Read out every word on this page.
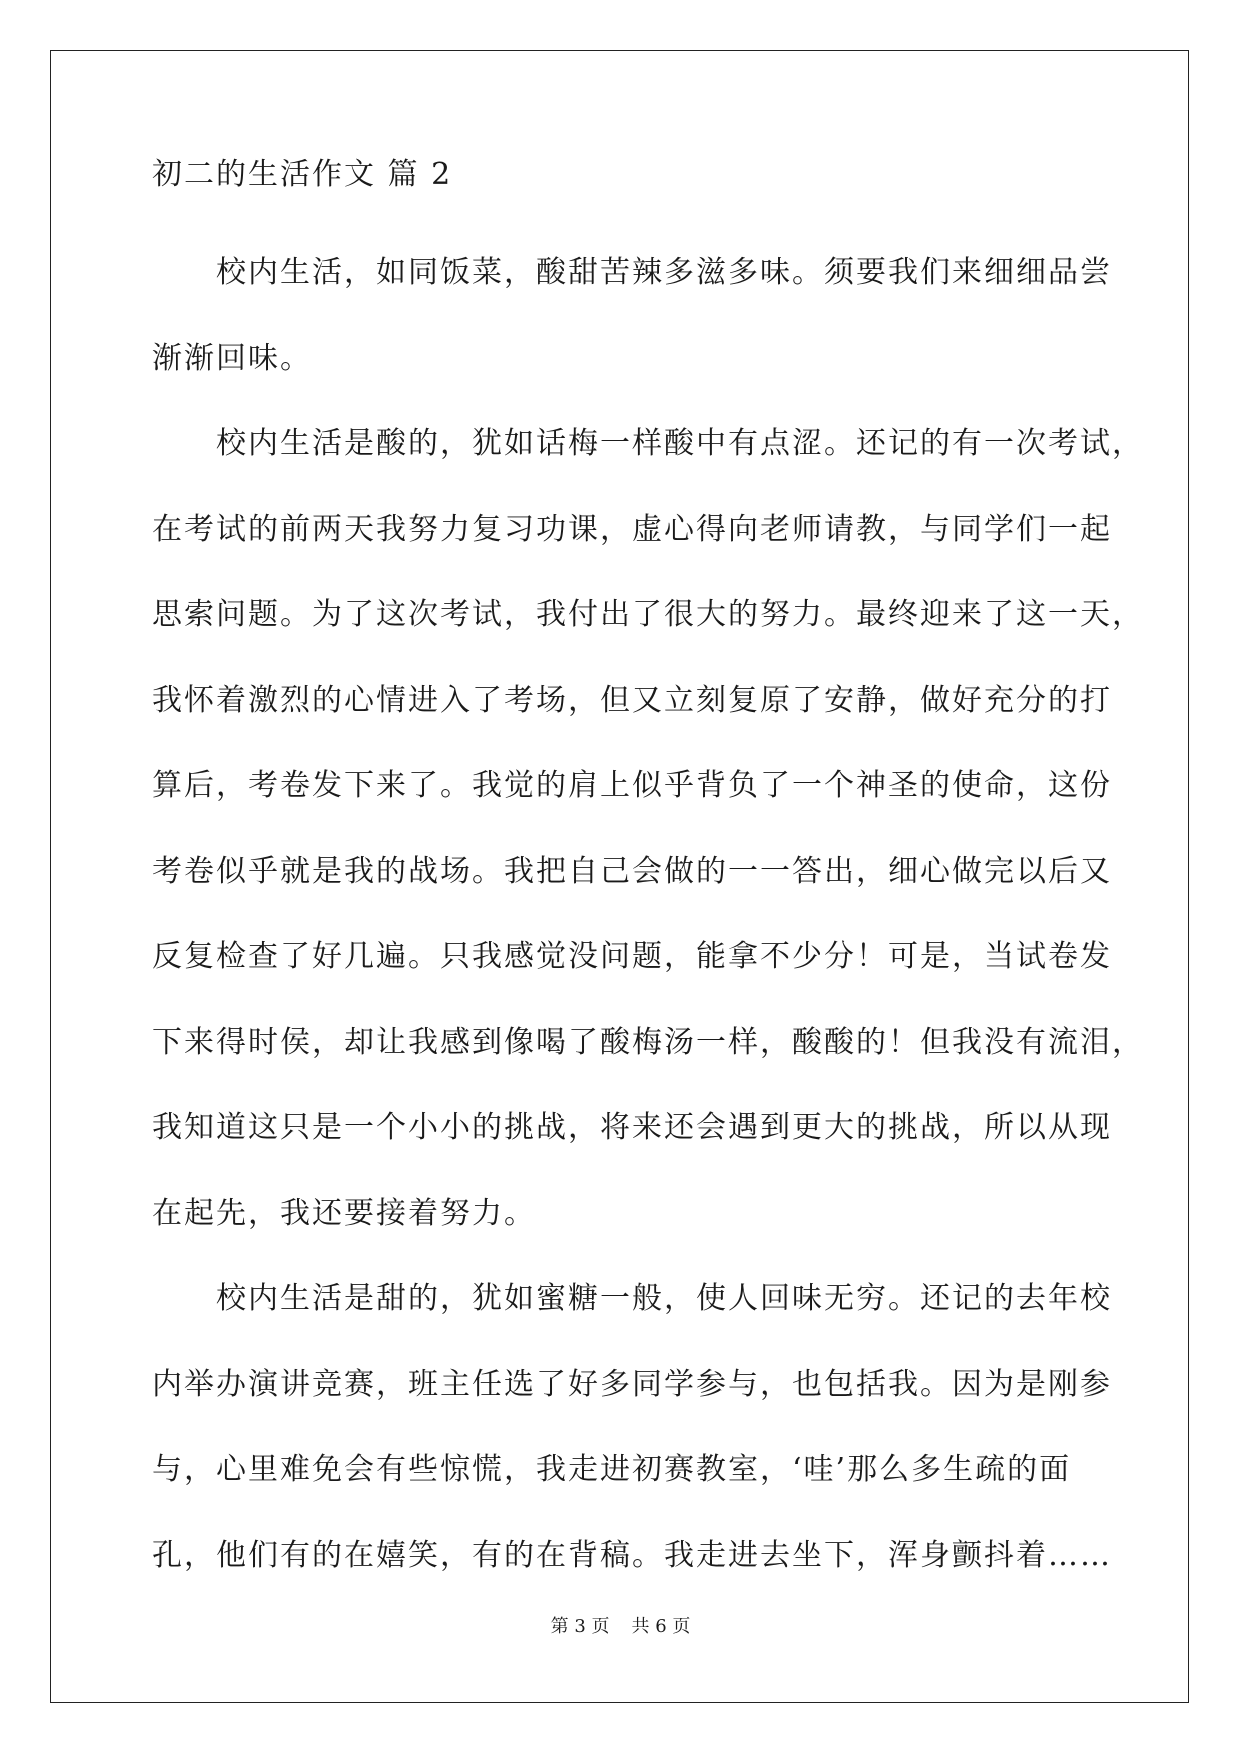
初二的生活作文 篇 2
校内生活，如同饭菜，酸甜苦辣多滋多味。须要我们来细细品尝
渐渐回味。
校内生活是酸的，犹如话梅一样酸中有点涩。还记的有一次考试，
在考试的前两天我努力复习功课，虚心得向老师请教，与同学们一起
思索问题。为了这次考试，我付出了很大的努力。最终迎来了这一天，
我怀着激烈的心情进入了考场，但又立刻复原了安静，做好充分的打
算后，考卷发下来了。我觉的肩上似乎背负了一个神圣的使命，这份
考卷似乎就是我的战场。我把自己会做的一一答出，细心做完以后又
反复检查了好几遍。只我感觉没问题，能拿不少分！可是，当试卷发
下来得时侯，却让我感到像喝了酸梅汤一样，酸酸的！但我没有流泪，
我知道这只是一个小小的挑战，将来还会遇到更大的挑战，所以从现
在起先，我还要接着努力。
校内生活是甜的，犹如蜜糖一般，使人回味无穷。还记的去年校
内举办演讲竞赛，班主任选了好多同学参与，也包括我。因为是刚参
与，心里难免会有些惊慌，我走进初赛教室，‘哇’那么多生疏的面
孔，他们有的在嬉笑，有的在背稿。我走进去坐下，浑身颤抖着……
第 3 页 共 6 页
